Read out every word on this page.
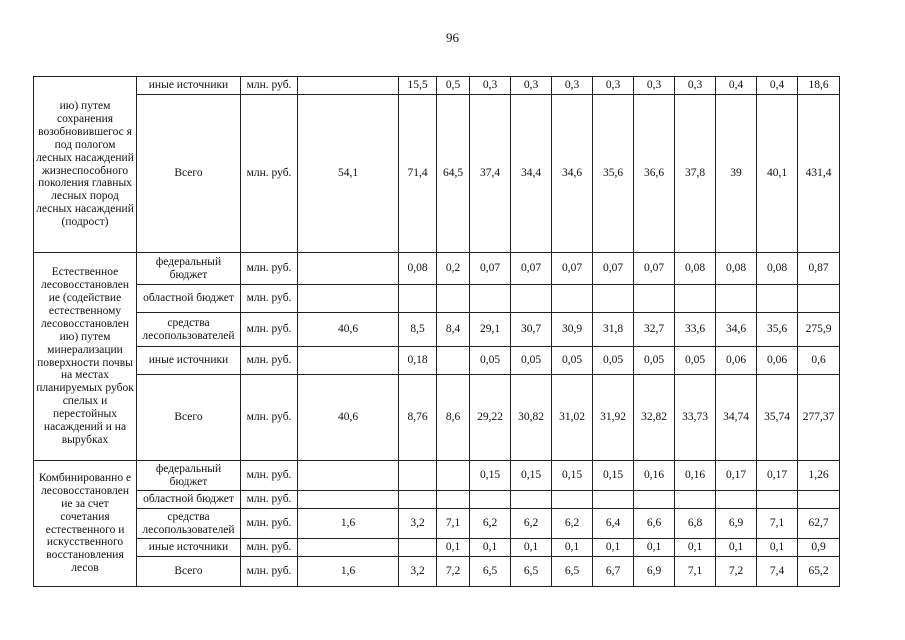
96
ию) путем сохранения возобновившегос я под пологом лесных насаждений жизнеспособного поколения главных лесных пород лесных насаждений (подрост)	иные источники	млн. руб.		15,5	0,5	0,3	0,3	0,3	0,3	0,3	0,3	0,4	0,4	18,6
	Всего	млн. руб.	54,1	71,4	64,5	37,4	34,4	34,6	35,6	36,6	37,8	39	40,1	431,4
Естественное лесовосстановлен ие (содействие естественному лесовосстановлен ию) путем минерализации поверхности почвы на местах планируемых рубок спелых и перестойных насаждений и на вырубках	федеральный бюджет	млн. руб.		0,08	0,2	0,07	0,07	0,07	0,07	0,07	0,08	0,08	0,08	0,87
	областной бюджет	млн. руб.												
	средства лесопользователей	млн. руб.	40,6	8,5	8,4	29,1	30,7	30,9	31,8	32,7	33,6	34,6	35,6	275,9
	иные источники	млн. руб.		0,18		0,05	0,05	0,05	0,05	0,05	0,05	0,06	0,06	0,6
	Всего	млн. руб.	40,6	8,76	8,6	29,22	30,82	31,02	31,92	32,82	33,73	34,74	35,74	277,37
Комбинированно е лесовосстановлен ие за счет сочетания естественного и искусственного восстановления лесов	федеральный бюджет	млн. руб.				0,15	0,15	0,15	0,15	0,16	0,16	0,17	0,17	1,26
	областной бюджет	млн. руб.												
	средства лесопользователей	млн. руб.	1,6	3,2	7,1	6,2	6,2	6,2	6,4	6,6	6,8	6,9	7,1	62,7
	иные источники	млн. руб.			0,1	0,1	0,1	0,1	0,1	0,1	0,1	0,1	0,1	0,9
	Всего	млн. руб.	1,6	3,2	7,2	6,5	6,5	6,5	6,7	6,9	7,1	7,2	7,4	65,2
